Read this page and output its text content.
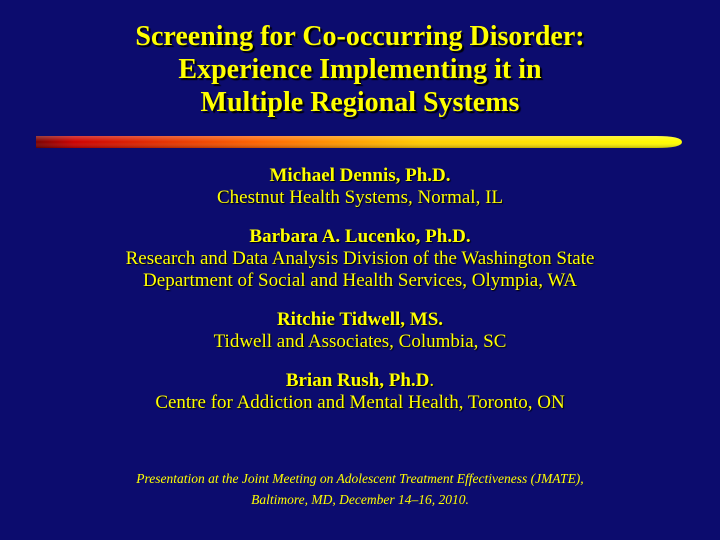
Screening for Co-occurring Disorder:
Experience Implementing it in
Multiple Regional Systems
Michael Dennis, Ph.D.
Chestnut Health Systems, Normal, IL
Barbara A. Lucenko, Ph.D.
Research and Data Analysis Division of the Washington State
Department of Social and Health Services, Olympia, WA
Ritchie Tidwell, MS.
Tidwell and Associates, Columbia, SC
Brian Rush, Ph.D.
Centre for Addiction and Mental Health, Toronto, ON
Presentation at the Joint Meeting on Adolescent Treatment Effectiveness (JMATE),
Baltimore, MD, December 14–16, 2010.
